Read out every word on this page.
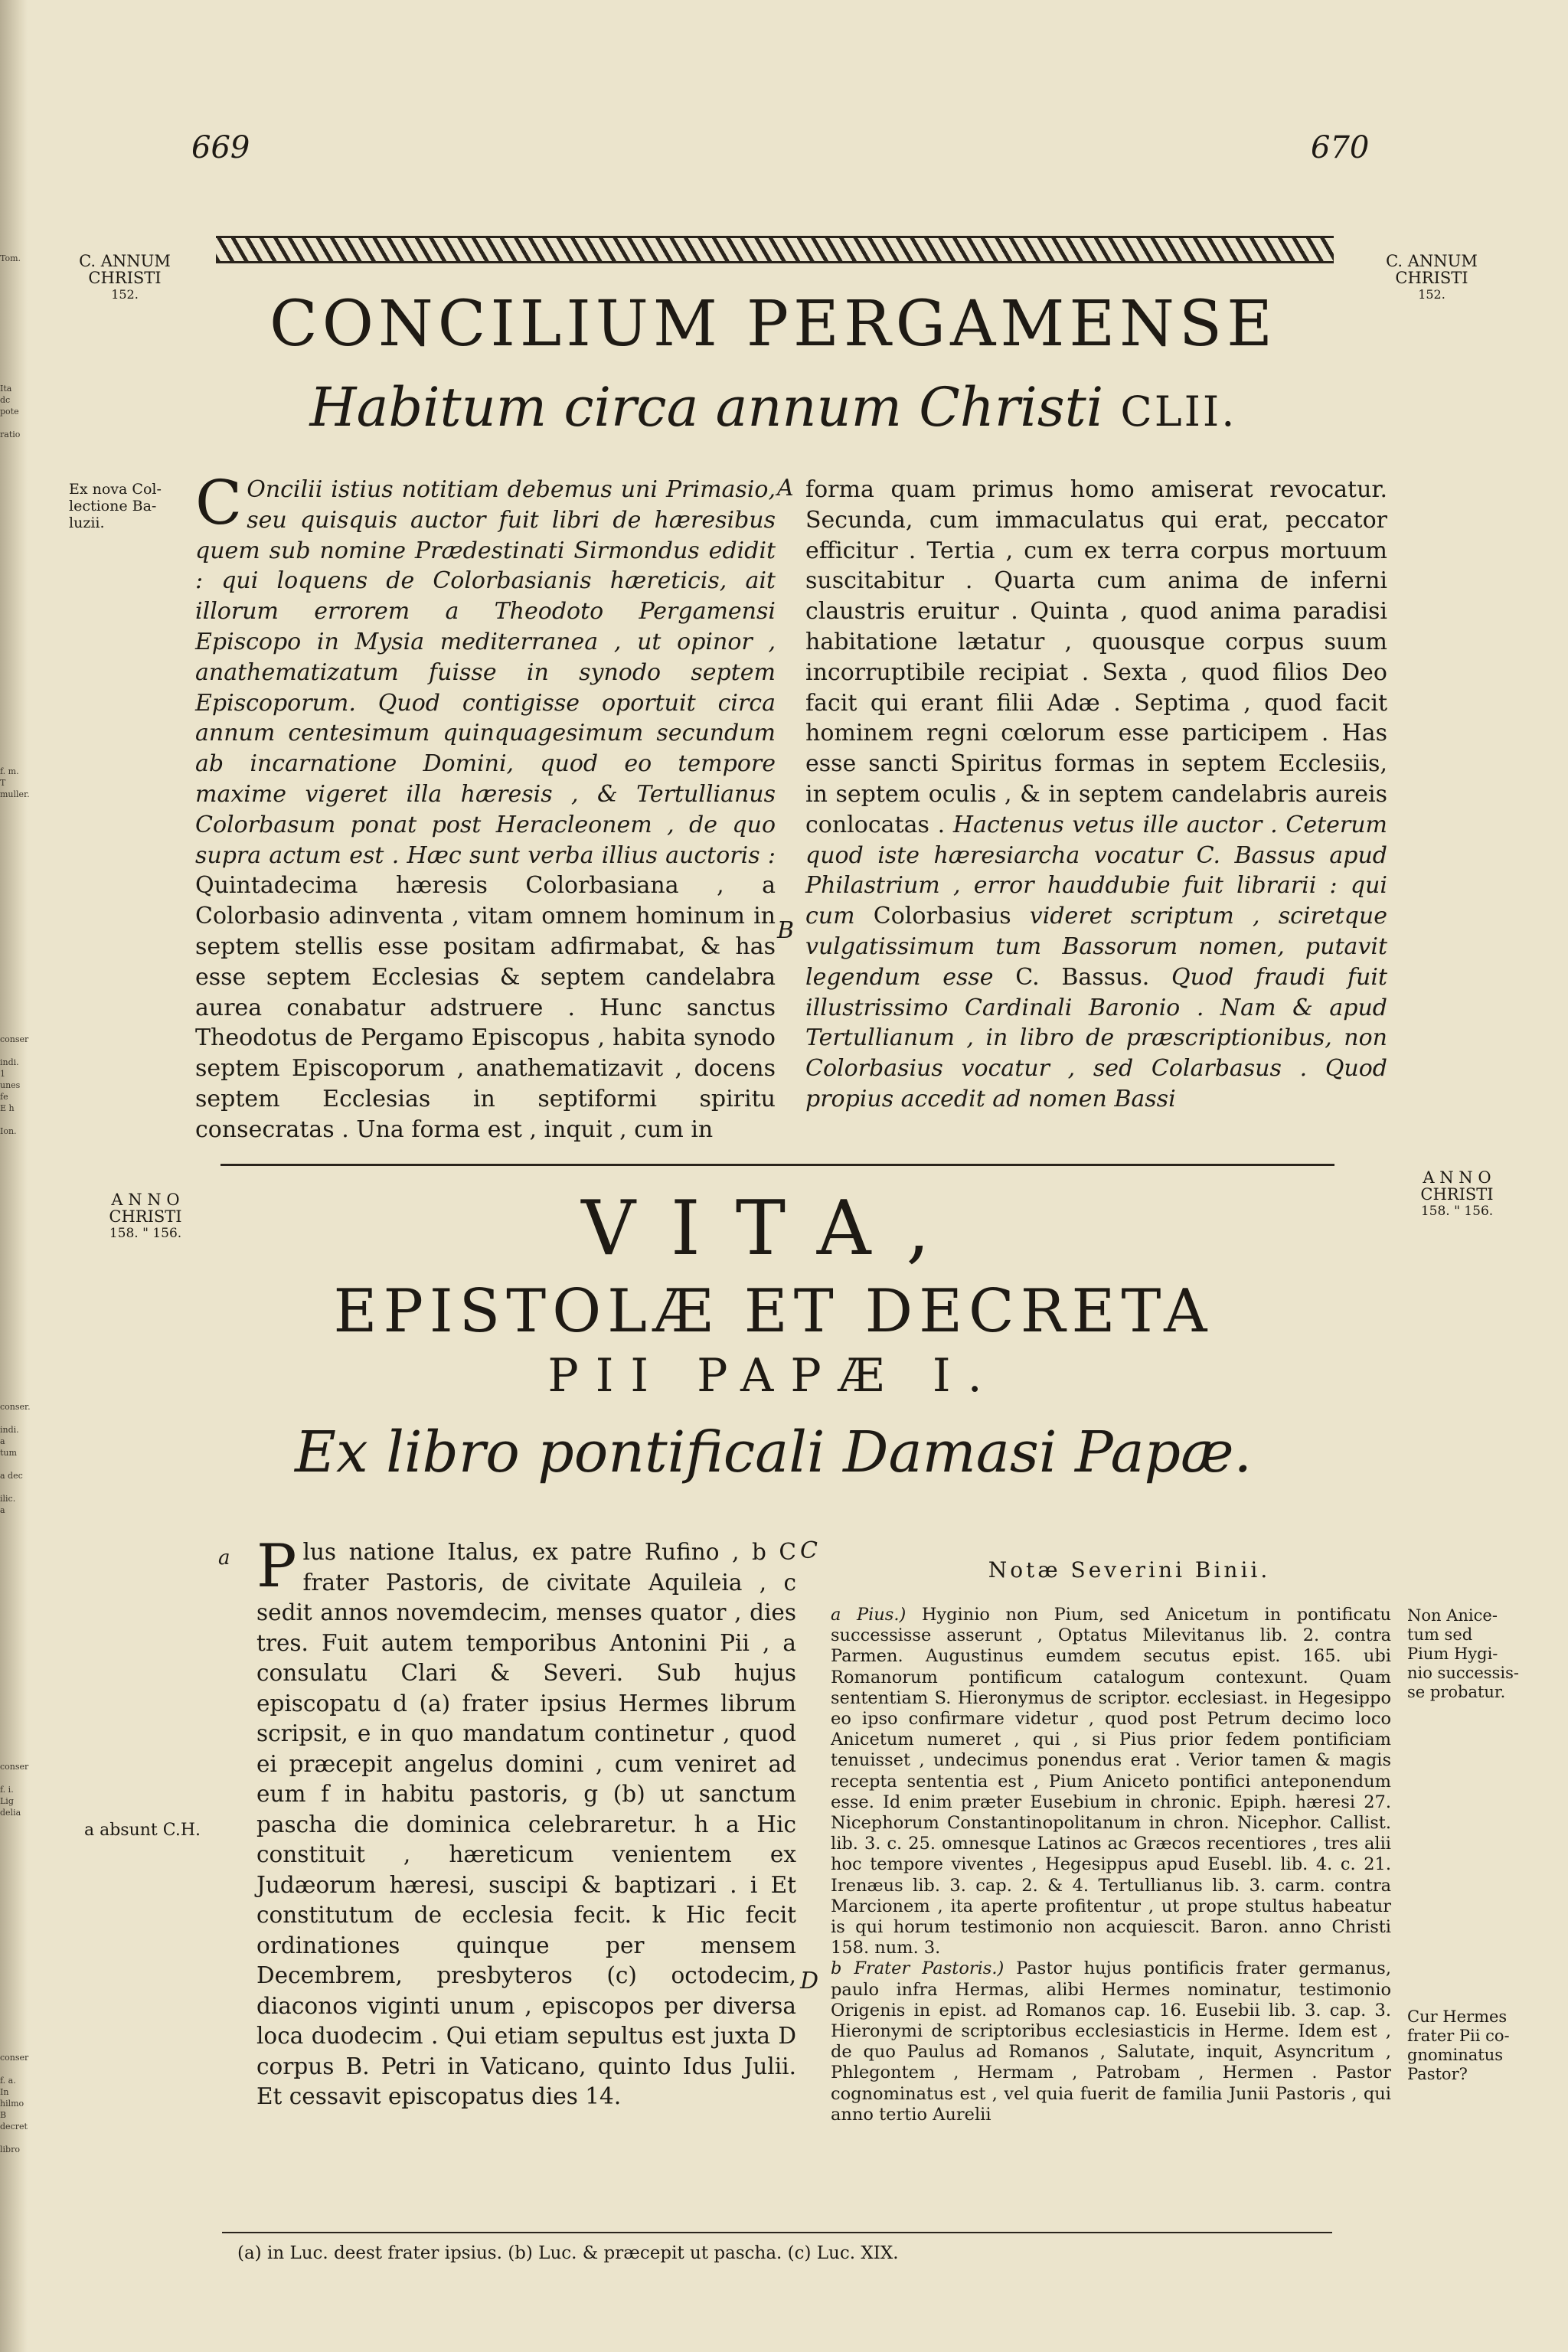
Tom.
Ita dc
pote
ratio
f. m. T
muller.
conser
indi. 1
unes fe
E h
Ion.
conser.
indi. a
tum
a dec
ilic. a
conser
f. i. Lig
delia
conser
f. a. In
hilmo B
decret
libro
669	670
C. ANNUM
CHRISTI
152.
C. ANNUM
CHRISTI
152.
CONCILIUM PERGAMENSE
Habitum circa annum Christi CLII.
Ex nova Col-
lectione Ba-
luzii.	C Oncilii istius notitiam debemus uni Primasio, seu quisquis auctor fuit libri de hæresibus quem sub nomine Prædestinati Sirmondus edidit : qui loquens de Colorbasianis hæreticis, ait illorum errorem a Theodoto Pergamensi Episcopo in Mysia mediterranea , ut opinor , anathematizatum fuisse in synodo septem Episcoporum. Quod contigisse oportuit circa annum centesimum quinquagesimum secundum ab incarnatione Domini, quod eo tempore maxime vigeret illa hæresis , & Tertullianus Colorbasum ponat post Heracleonem , de quo supra actum est . Hæc sunt verba illius auctoris : Quintadecima hæresis Colorbasiana , a Colorbasio adinventa , vitam omnem hominum in septem stellis esse positam adfirmabat, & has esse septem Ecclesias & septem candelabra aurea conabatur adstruere . Hunc sanctus Theodotus de Pergamo Episcopus , habita synodo septem Episcoporum , anathematizavit , docens septem Ecclesias in septiformi spiritu consecratas . Una forma est , inquit , cum in
A
B
forma quam primus homo amiserat revocatur. Secunda, cum immaculatus qui erat, peccator efficitur . Tertia , cum ex terra corpus mortuum suscitabitur . Quarta cum anima de inferni claustris eruitur . Quinta , quod anima paradisi habitatione lætatur , quousque corpus suum incorruptibile recipiat . Sexta , quod filios Deo facit qui erant filii Adæ . Septima , quod facit hominem regni cœlorum esse participem . Has esse sancti Spiritus formas in septem Ecclesiis, in septem oculis , & in septem candelabris aureis conlocatas . Hactenus vetus ille auctor . Ceterum quod iste hæresiarcha vocatur C. Bassus apud Philastrium , error hauddubie fuit librarii : qui cum Colorbasius videret scriptum , sciretque vulgatissimum tum Bassorum nomen, putavit legendum esse C. Bassus. Quod fraudi fuit illustrissimo Cardinali Baronio . Nam & apud Tertullianum , in libro de præscriptionibus, non Colorbasius vocatur , sed Colarbasus . Quod propius accedit ad nomen Bassi
A N N O
CHRISTI
158. " 156.
A N N O
CHRISTI
158. " 156.
VITA,
EPISTOLÆ ET DECRETA
PII PAPÆ I.
Ex libro pontificali Damasi Papæ.
a Plus natione Italus, ex patre Rufino , b C frater Pastoris, de civitate Aquileia , c sedit annos novemdecim, menses quator , dies tres. Fuit autem temporibus Antonini Pii , a consulatu Clari & Severi. Sub hujus episcopatu d (a) frater ipsius Hermes librum scripsit, e in quo mandatum continetur , quod ei præcepit angelus domini , cum veniret ad eum f in habitu pastoris, g (b) ut sanctum pascha die dominica celebraretur. h a Hic constituit , hæreticum venientem ex Judæorum hæresi, suscipi & baptizari . i Et constitutum de ecclesia fecit. k Hic fecit ordinationes quinque per mensem Decembrem, presbyteros (c) octodecim, diaconos viginti unum , episcopos per diversa loca duodecim . Qui etiam sepultus est juxta D corpus B. Petri in Vaticano, quinto Idus Julii. Et cessavit episcopatus dies 14.
a absunt C.H.
Notæ Severini Binii.
a Pius.) Hyginio non Pium, sed Anicetum in pontificatu successisse asserunt , Optatus Milevitanus lib. 2. contra Parmen. Augustinus eumdem secutus epist. 165. ubi Romanorum pontificum catalogum contexunt. Quam sententiam S. Hieronymus de scriptor. ecclesiast. in Hegesippo eo ipso confirmare videtur , quod post Petrum decimo loco Anicetum numeret , qui , si Pius prior fedem pontificiam tenuisset , undecimus ponendus erat . Verior tamen & magis recepta sententia est , Pium Aniceto pontifici anteponendum esse. Id enim præter Eusebium in chronic. Epiph. hæresi 27. Nicephorum Constantinopolitanum in chron. Nicephor. Callist. lib. 3. c. 25. omnesque Latinos ac Græcos recentiores , tres alii hoc tempore viventes , Hegesippus apud Eusebl. lib. 4. c. 21. Irenæus lib. 3. cap. 2. & 4. Tertullianus lib. 3. carm. contra Marcionem , ita aperte profitentur , ut prope stultus habeatur is qui horum testimonio non acquiescit. Baron. anno Christi 158. num. 3.
b Frater Pastoris.) Pastor hujus pontificis frater germanus, paulo infra Hermas, alibi Hermes nominatur, testimonio Origenis in epist. ad Romanos cap. 16. Eusebii lib. 3. cap. 3. Hieronymi de scriptoribus ecclesiasticis in Herme. Idem est , de quo Paulus ad Romanos , Salutate, inquit, Asyncritum , Phlegontem , Hermam , Patrobam , Hermen . Pastor cognominatus est , vel quia fuerit de familia Junii Pastoris , qui anno tertio Aurelii
Non Anice-
tum sed
Pium Hygi-
nio successis-
se probatur.
Cur Hermes
frater Pii co-
gnominatus
Pastor?
C
D
(a) in Luc. deest frater ipsius. (b) Luc. & præcepit ut pascha. (c) Luc. XIX.
